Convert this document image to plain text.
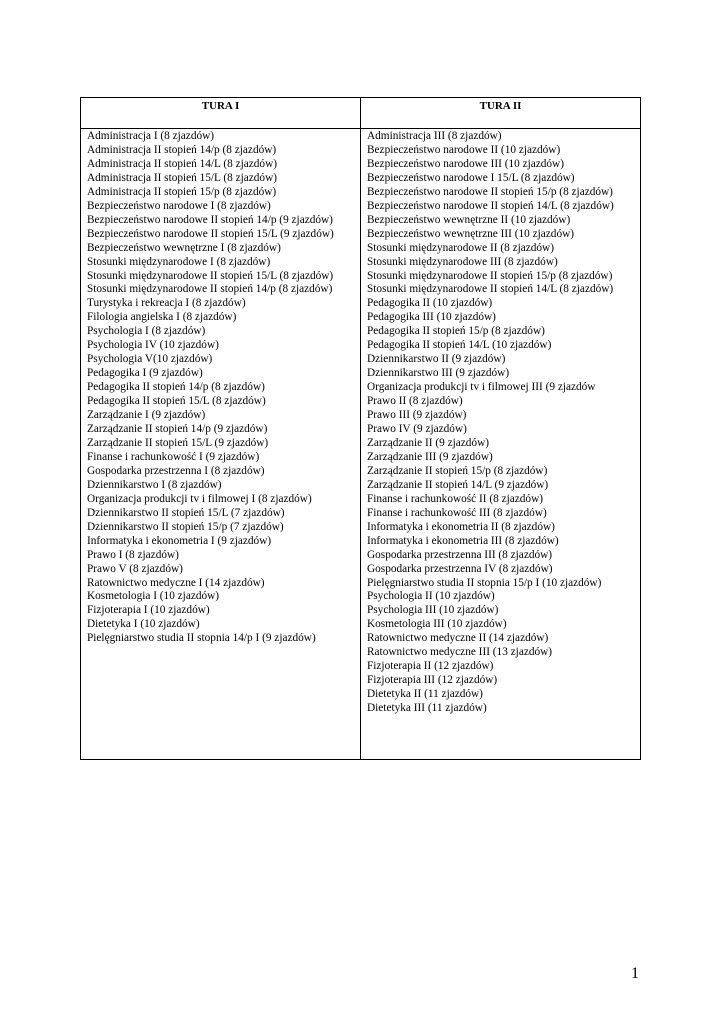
TURA I	TURA II
Administracja I (8 zjazdów)
Administracja II stopień 14/p (8 zjazdów)
Administracja II stopień 14/L (8 zjazdów)
Administracja II stopień 15/L (8 zjazdów)
Administracja II stopień 15/p (8 zjazdów)
Bezpieczeństwo narodowe I (8 zjazdów)
Bezpieczeństwo narodowe II stopień 14/p (9 zjazdów)
Bezpieczeństwo narodowe II stopień 15/L (9 zjazdów)
Bezpieczeństwo wewnętrzne I (8 zjazdów)
Stosunki międzynarodowe I (8 zjazdów)
Stosunki międzynarodowe II stopień 15/L (8 zjazdów)
Stosunki międzynarodowe II stopień 14/p (8 zjazdów)
Turystyka i rekreacja I (8 zjazdów)
Filologia angielska I (8 zjazdów)
Psychologia I (8 zjazdów)
Psychologia IV (10 zjazdów)
Psychologia V(10 zjazdów)
Pedagogika I (9 zjazdów)
Pedagogika II stopień 14/p (8 zjazdów)
Pedagogika II stopień 15/L (8 zjazdów)
Zarządzanie I (9 zjazdów)
Zarządzanie II stopień 14/p (9 zjazdów)
Zarządzanie II stopień 15/L (9 zjazdów)
Finanse i rachunkowość I (9 zjazdów)
Gospodarka przestrzenna I (8 zjazdów)
Dziennikarstwo I (8 zjazdów)
Organizacja produkcji tv i filmowej I (8 zjazdów)
Dziennikarstwo II stopień 15/L (7 zjazdów)
Dziennikarstwo II stopień 15/p (7 zjazdów)
Informatyka i ekonometria I (9 zjazdów)
Prawo I (8 zjazdów)
Prawo V (8 zjazdów)
Ratownictwo medyczne I (14 zjazdów)
Kosmetologia I (10 zjazdów)
Fizjoterapia I (10 zjazdów)
Dietetyka I (10 zjazdów)
Pielęgniarstwo studia II stopnia 14/p I (9 zjazdów)
Administracja III (8 zjazdów)
Bezpieczeństwo narodowe II (10 zjazdów)
Bezpieczeństwo narodowe III (10 zjazdów)
Bezpieczeństwo narodowe I 15/L (8 zjazdów)
Bezpieczeństwo narodowe II stopień 15/p (8 zjazdów)
Bezpieczeństwo narodowe II stopień 14/L (8 zjazdów)
Bezpieczeństwo wewnętrzne II (10 zjazdów)
Bezpieczeństwo wewnętrzne III (10 zjazdów)
Stosunki międzynarodowe II (8 zjazdów)
Stosunki międzynarodowe III (8 zjazdów)
Stosunki międzynarodowe II stopień 15/p (8 zjazdów)
Stosunki międzynarodowe II stopień 14/L (8 zjazdów)
Pedagogika II (10 zjazdów)
Pedagogika III (10 zjazdów)
Pedagogika II stopień 15/p (8 zjazdów)
Pedagogika II stopień 14/L (10 zjazdów)
Dziennikarstwo II (9 zjazdów)
Dziennikarstwo III (9 zjazdów)
Organizacja produkcji tv i filmowej III (9 zjazdów
Prawo II (8 zjazdów)
Prawo III (9 zjazdów)
Prawo IV (9 zjazdów)
Zarządzanie II (9 zjazdów)
Zarządzanie III (9 zjazdów)
Zarządzanie II stopień 15/p (8 zjazdów)
Zarządzanie II stopień 14/L (9 zjazdów)
Finanse i rachunkowość II (8 zjazdów)
Finanse i rachunkowość III (8 zjazdów)
Informatyka i ekonometria II (8 zjazdów)
Informatyka i ekonometria III (8 zjazdów)
Gospodarka przestrzenna III (8 zjazdów)
Gospodarka przestrzenna IV (8 zjazdów)
Pielęgniarstwo studia II stopnia 15/p I (10 zjazdów)
Psychologia II (10 zjazdów)
Psychologia III (10 zjazdów)
Kosmetologia III (10 zjazdów)
Ratownictwo medyczne II (14 zjazdów)
Ratownictwo medyczne III (13 zjazdów)
Fizjoterapia II (12 zjazdów)
Fizjoterapia III (12 zjazdów)
Dietetyka II (11 zjazdów)
Dietetyka III (11 zjazdów)
1
